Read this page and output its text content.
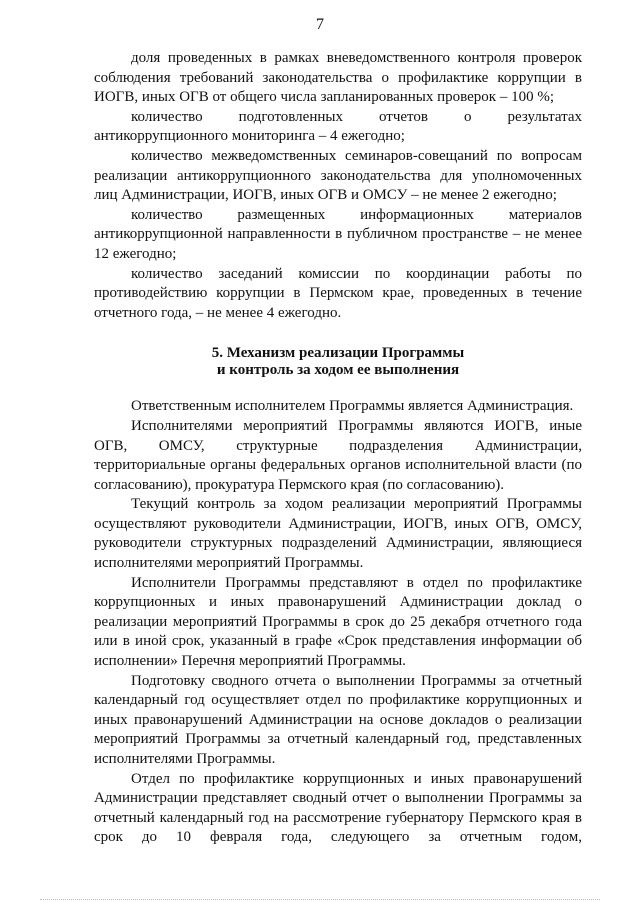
7

доля проведенных в рамках вневедомственного контроля проверок соблюдения требований законодательства о профилактике коррупции в ИОГВ, иных ОГВ от общего числа запланированных проверок – 100 %;

количество подготовленных отчетов о результатах антикоррупционного мониторинга – 4 ежегодно;

количество межведомственных семинаров-совещаний по вопросам реализации антикоррупционного законодательства для уполномоченных лиц Администрации, ИОГВ, иных ОГВ и ОМСУ – не менее 2 ежегодно;

количество размещенных информационных материалов антикоррупционной направленности в публичном пространстве – не менее 12 ежегодно;

количество заседаний комиссии по координации работы по противодействию коррупции в Пермском крае, проведенных в течение отчетного года, – не менее 4 ежегодно.

5. Механизм реализации Программы
и контроль за ходом ее выполнения

Ответственным исполнителем Программы является Администрация.

Исполнителями мероприятий Программы являются ИОГВ, иные ОГВ, ОМСУ, структурные подразделения Администрации, территориальные органы федеральных органов исполнительной власти (по согласованию), прокуратура Пермского края (по согласованию).

Текущий контроль за ходом реализации мероприятий Программы осуществляют руководители Администрации, ИОГВ, иных ОГВ, ОМСУ, руководители структурных подразделений Администрации, являющиеся исполнителями мероприятий Программы.

Исполнители Программы представляют в отдел по профилактике коррупционных и иных правонарушений Администрации доклад о реализации мероприятий Программы в срок до 25 декабря отчетного года или в иной срок, указанный в графе «Срок представления информации об исполнении» Перечня мероприятий Программы.

Подготовку сводного отчета о выполнении Программы за отчетный календарный год осуществляет отдел по профилактике коррупционных и иных правонарушений Администрации на основе докладов о реализации мероприятий Программы за отчетный календарный год, представленных исполнителями Программы.

Отдел по профилактике коррупционных и иных правонарушений Администрации представляет сводный отчет о выполнении Программы за отчетный календарный год на рассмотрение губернатору Пермского края в срок до 10 февраля года, следующего за отчетным годом,
